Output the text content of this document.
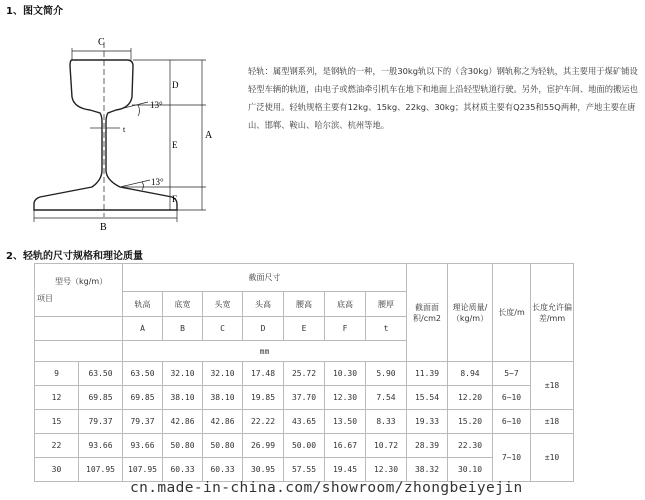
1、图文简介
C
B
A
D
E
F
t
13°
13°
轻轨：属型钢系列，是钢轨的一种，一般30kg轨以下的（含30kg）钢轨称之为轻轨，其主要用于煤矿铺设轻型车辆的轨道，由电子或燃油牵引机车在地下和地面上沿轻型轨道行驶。另外，宦护车间、地面的搬运也广泛使用。轻轨规格主要有12kg、15kg、22kg、30kg；其材质主要有Q235和55Q两种，产地主要在唐山、邯郸、鞍山、哈尔滨、杭州等地。
2、轻轨的尺寸规格和理论质量
型号（kg/m）
项目		截面尺寸							截面面积/cm2	理论质量/（kg/m）	长度/m	长度允许偏差/mm
		轨高	底宽	头宽	头高	腰高	底高	腰厚				
		A	B	C	D	E	F	t				
		mm										
9	63.50	63.50	32.10	32.10	17.48	25.72	10.30	5.90	11.39	8.94	5~7	±18
12	69.85	69.85	38.10	38.10	19.85	37.70	12.30	7.54	15.54	12.20	6~10	
15	79.37	79.37	42.86	42.86	22.22	43.65	13.50	8.33	19.33	15.20	6~10	±18
22	93.66	93.66	50.80	50.80	26.99	50.00	16.67	10.72	28.39	22.30	7~10	±10
30	107.95	107.95	60.33	60.33	30.95	57.55	19.45	12.30	38.32	30.10		
cn.made-in-china.com/showroom/zhongbeiyejin
